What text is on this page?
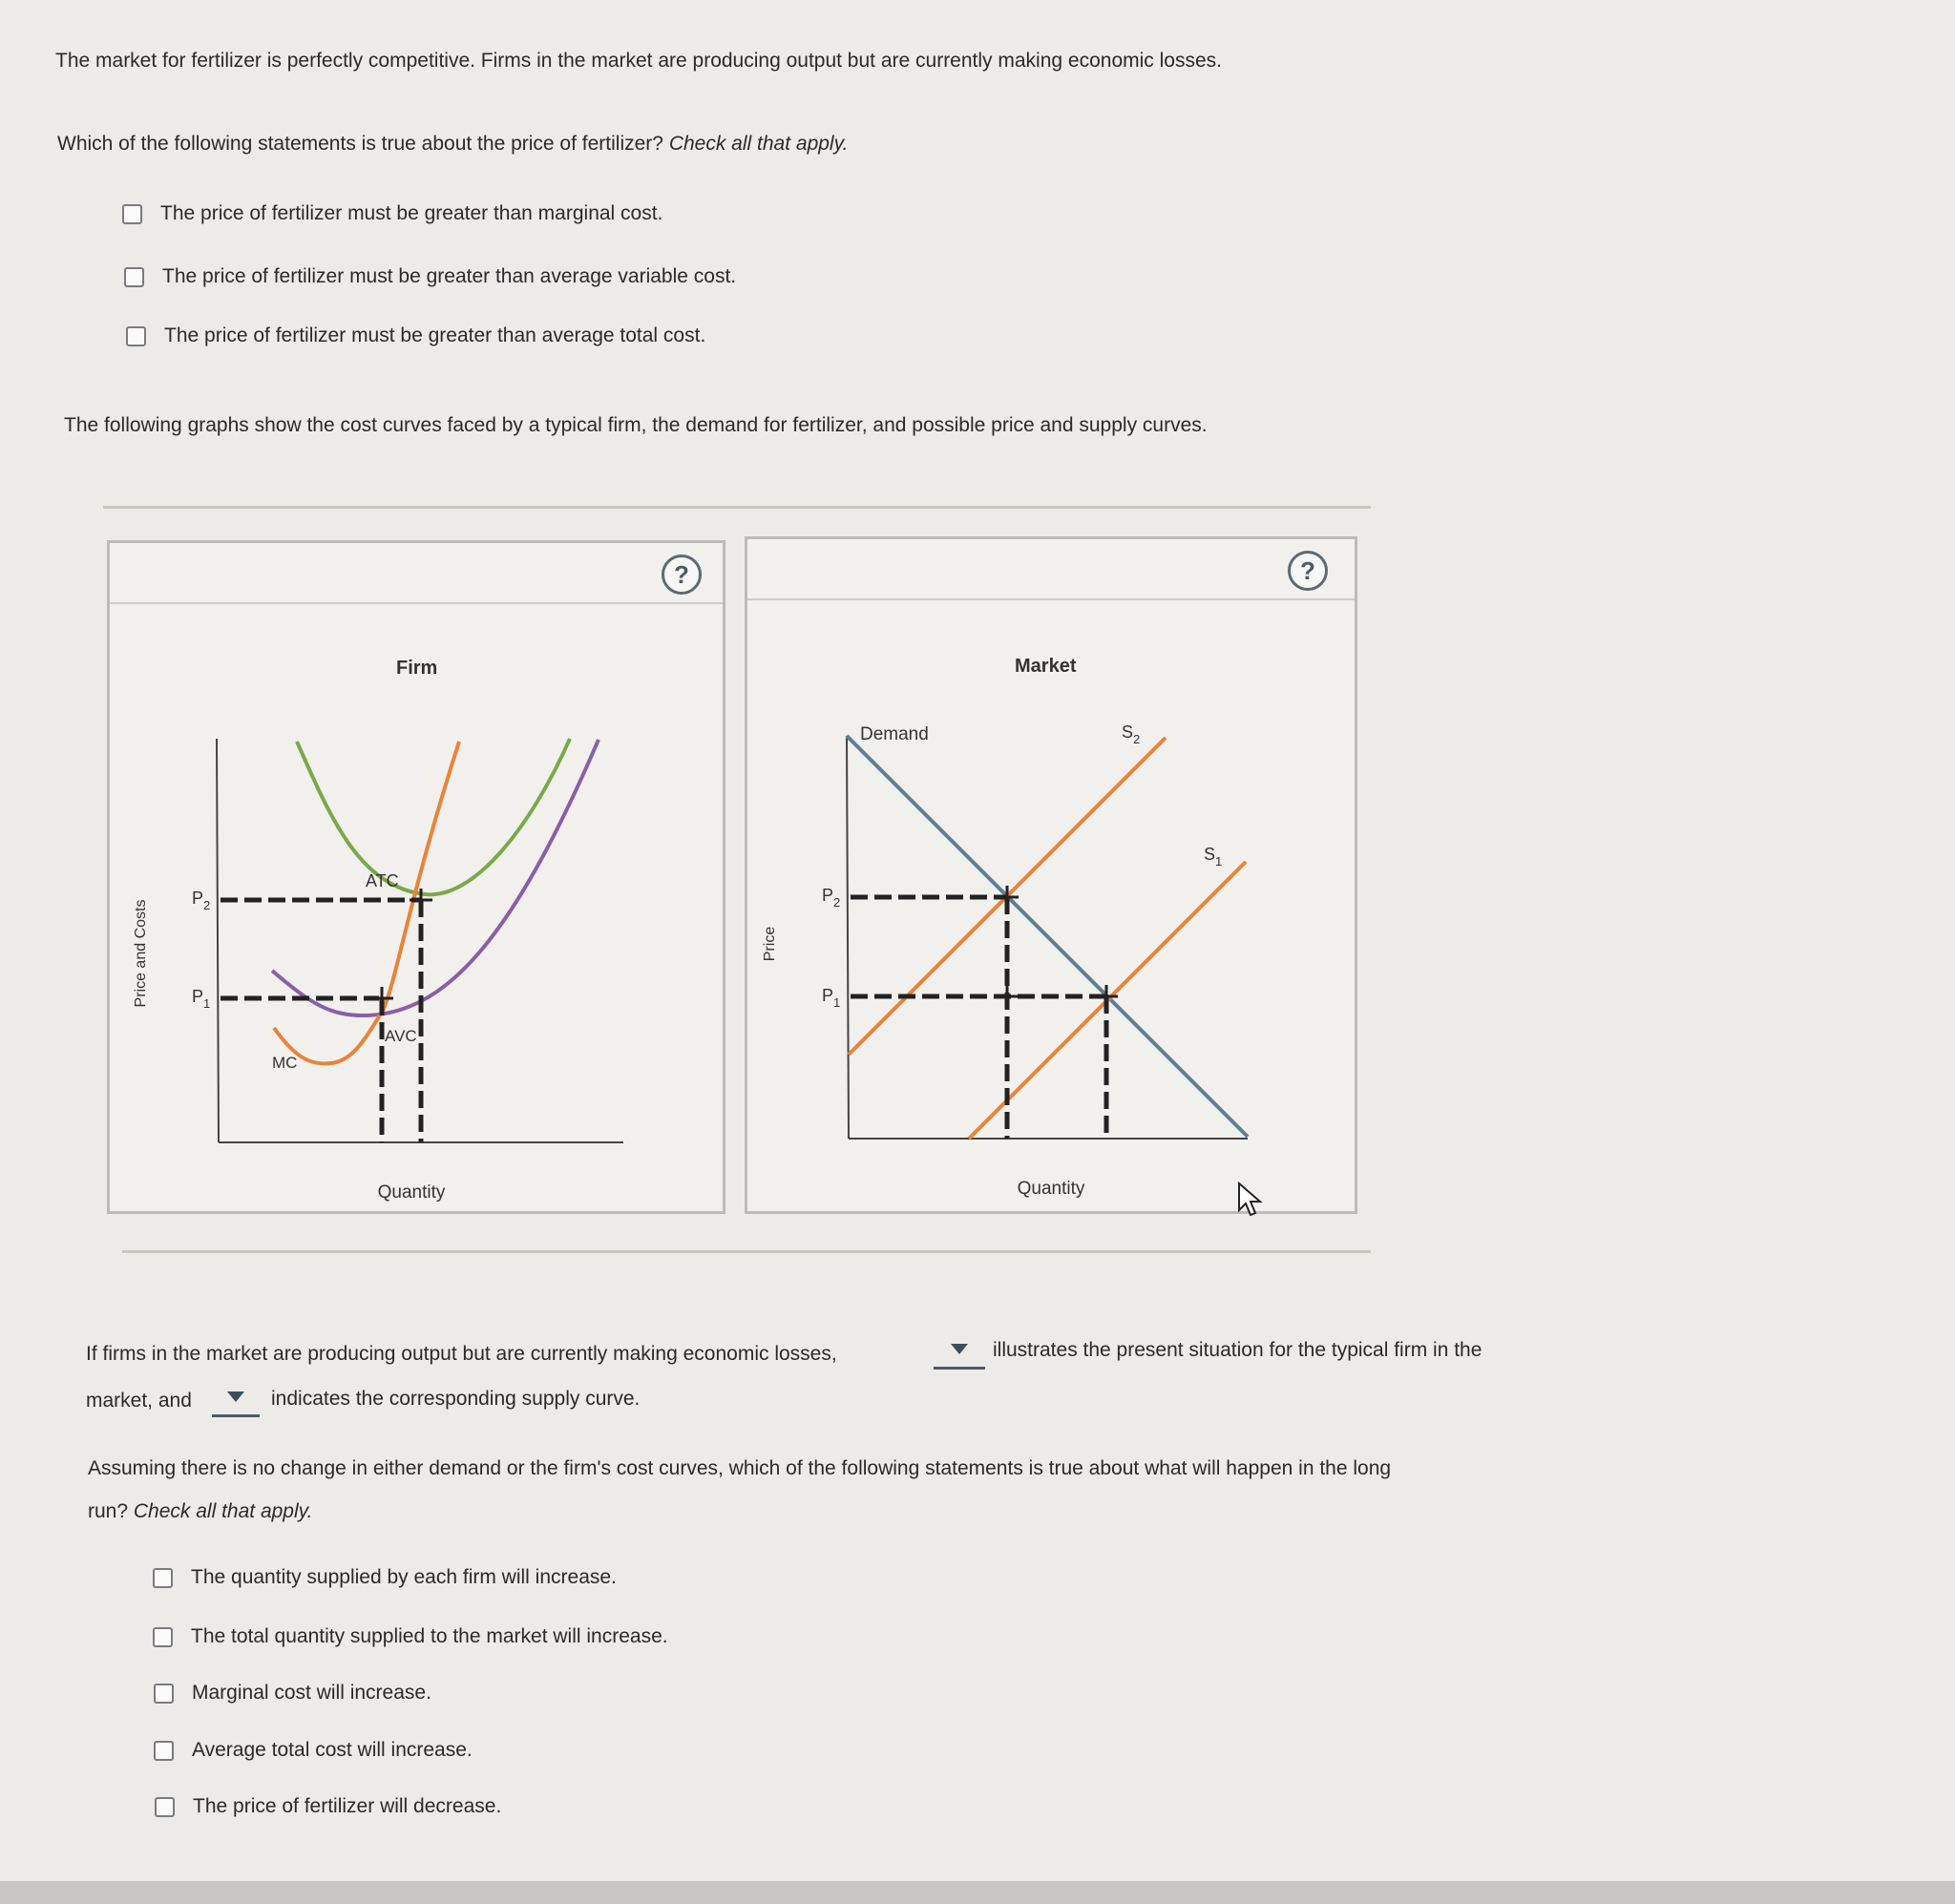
The market for fertilizer is perfectly competitive. Firms in the market are producing output but are currently making economic losses.
Which of the following statements is true about the price of fertilizer? Check all that apply.
The price of fertilizer must be greater than marginal cost.
The price of fertilizer must be greater than average variable cost.
The price of fertilizer must be greater than average total cost.
The following graphs show the cost curves faced by a typical firm, the demand for fertilizer, and possible price and supply curves.
?
Firm
ATC
AVC
MC
$P_2$
$P_1$
Price and Costs
Quantity
?
Market
Demand	$S_2$
$S_1$
$P_2$
$P_1$
Price
Quantity
If firms in the market are producing output but are currently making economic losses,	illustrates the present situation for the typical firm in the
market, and	indicates the corresponding supply curve.
Assuming there is no change in either demand or the firm's cost curves, which of the following statements is true about what will happen in the long
run? Check all that apply.
The quantity supplied by each firm will increase.
The total quantity supplied to the market will increase.
Marginal cost will increase.
Average total cost will increase.
The price of fertilizer will decrease.
